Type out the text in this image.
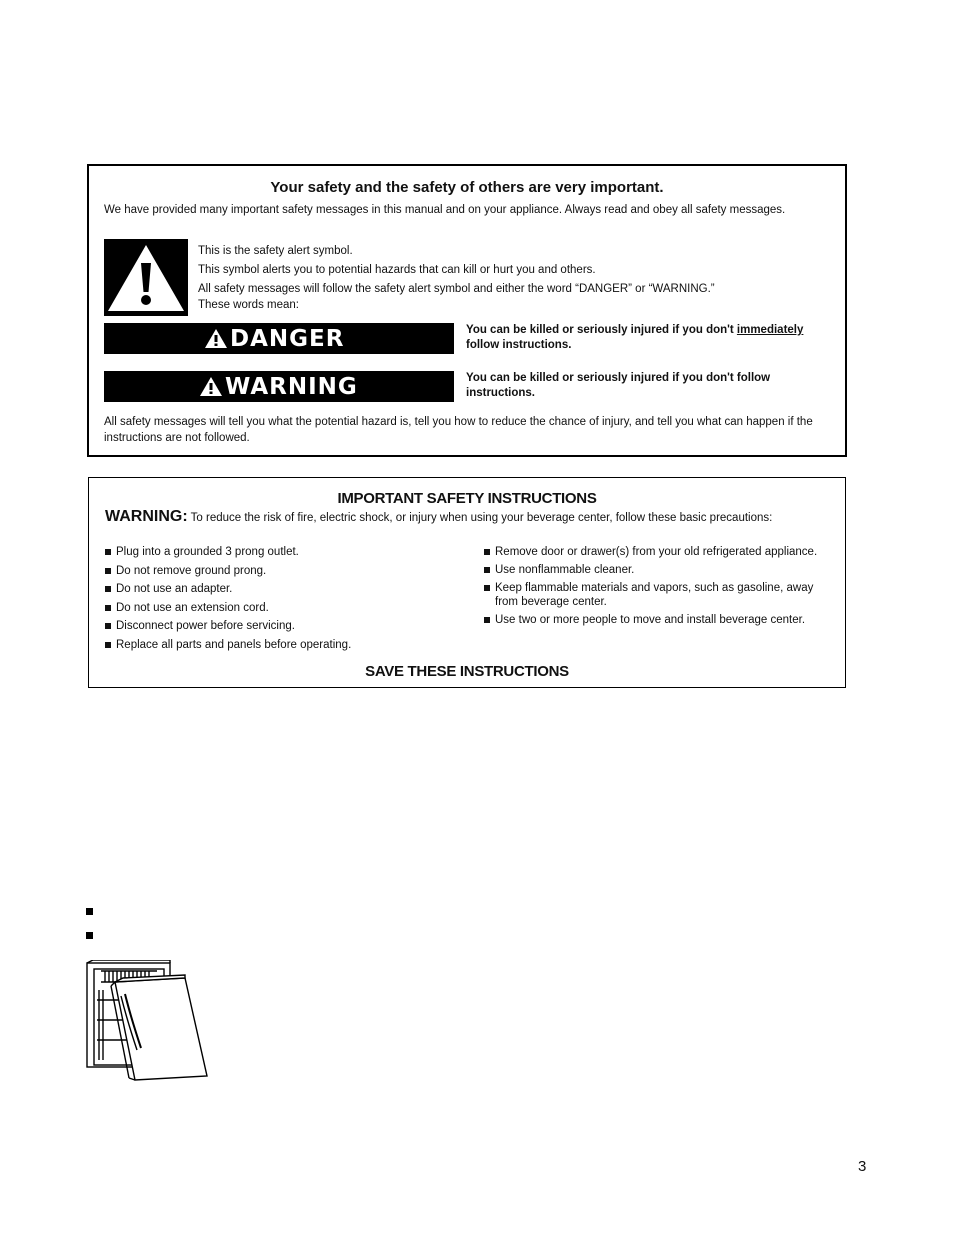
Your safety and the safety of others are very important.
We have provided many important safety messages in this manual and on your appliance. Always read and obey all safety messages.
This is the safety alert symbol.
This symbol alerts you to potential hazards that can kill or hurt you and others.
All safety messages will follow the safety alert symbol and either the word “DANGER” or “WARNING.”
These words mean:
DANGER	You can be killed or seriously injured if you don't immediately follow instructions.
WARNING	You can be killed or seriously injured if you don't follow instructions.
All safety messages will tell you what the potential hazard is, tell you how to reduce the chance of injury, and tell you what can happen if the instructions are not followed.
IMPORTANT SAFETY INSTRUCTIONS
WARNING: To reduce the risk of fire, electric shock, or injury when using your beverage center, follow these basic precautions:
Plug into a grounded 3 prong outlet.
Do not remove ground prong.
Do not use an adapter.
Do not use an extension cord.
Disconnect power before servicing.
Replace all parts and panels before operating.
Remove door or drawer(s) from your old refrigerated appliance.
Use nonflammable cleaner.
Keep flammable materials and vapors, such as gasoline, away from beverage center.
Use two or more people to move and install beverage center.
SAVE THESE INSTRUCTIONS
3
